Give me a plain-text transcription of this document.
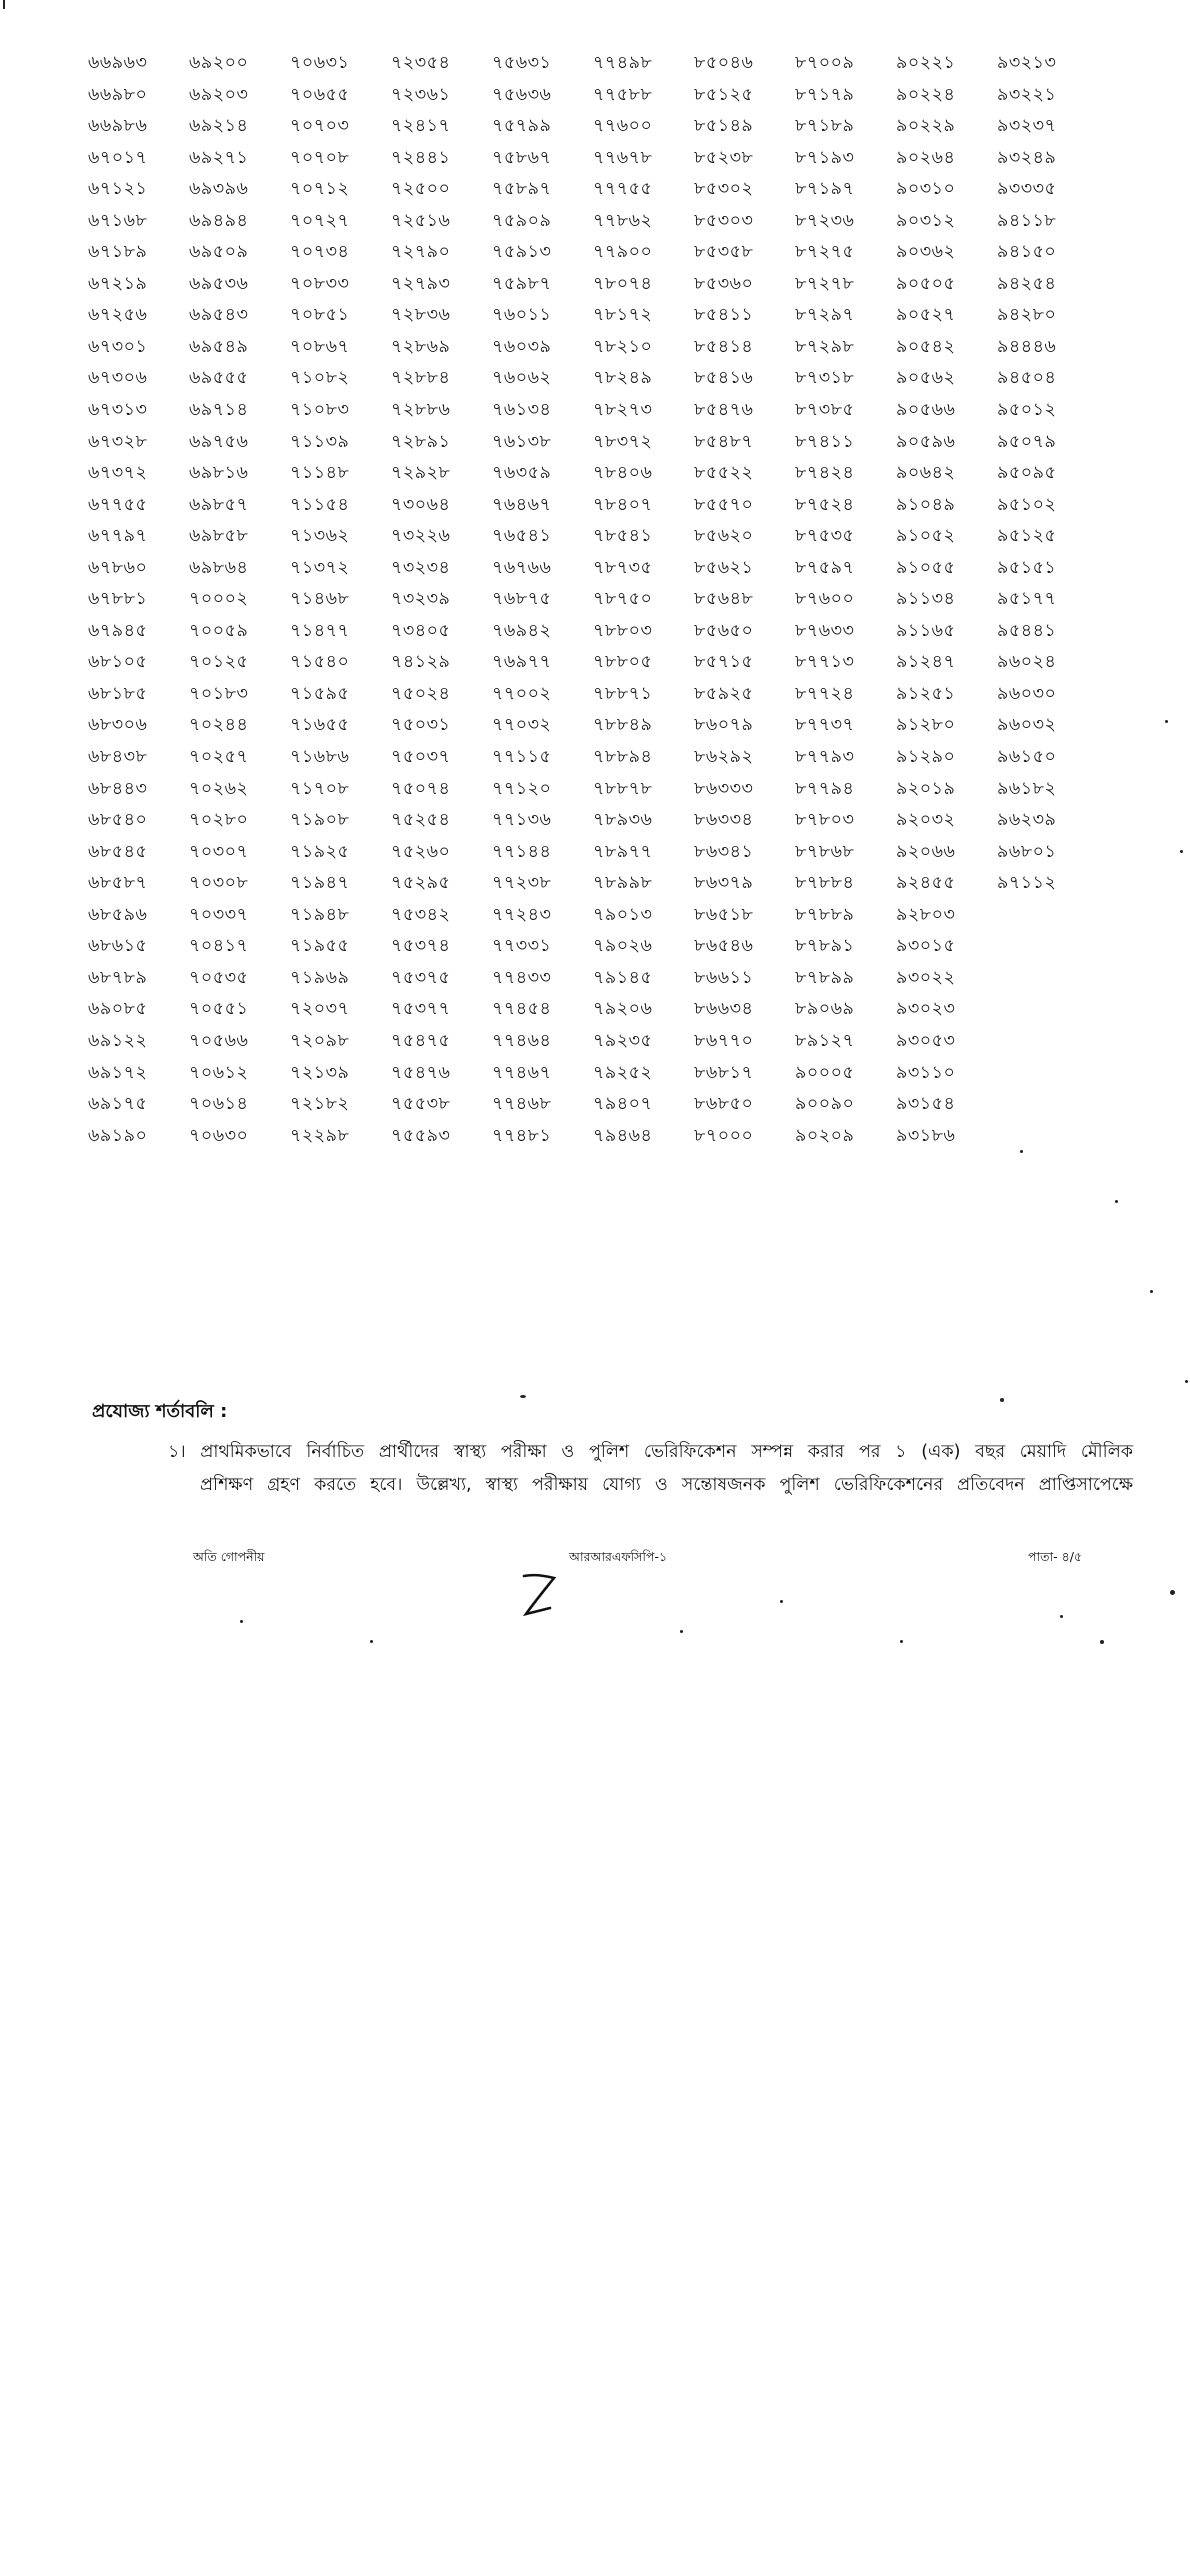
৬৬৯৬৩	৬৯২০০	৭০৬৩১	৭২৩৫৪	৭৫৬৩১	৭৭৪৯৮	৮৫০৪৬	৮৭০০৯	৯০২২১	৯৩২১৩
৬৬৯৮০	৬৯২০৩	৭০৬৫৫	৭২৩৬১	৭৫৬৩৬	৭৭৫৮৮	৮৫১২৫	৮৭১৭৯	৯০২২৪	৯৩২২১
৬৬৯৮৬	৬৯২১৪	৭০৭০৩	৭২৪১৭	৭৫৭৯৯	৭৭৬০০	৮৫১৪৯	৮৭১৮৯	৯০২২৯	৯৩২৩৭
৬৭০১৭	৬৯২৭১	৭০৭০৮	৭২৪৪১	৭৫৮৬৭	৭৭৬৭৮	৮৫২৩৮	৮৭১৯৩	৯০২৬৪	৯৩২৪৯
৬৭১২১	৬৯৩৯৬	৭০৭১২	৭২৫০০	৭৫৮৯৭	৭৭৭৫৫	৮৫৩০২	৮৭১৯৭	৯০৩১০	৯৩৩৩৫
৬৭১৬৮	৬৯৪৯৪	৭০৭২৭	৭২৫১৬	৭৫৯০৯	৭৭৮৬২	৮৫৩০৩	৮৭২৩৬	৯০৩১২	৯৪১১৮
৬৭১৮৯	৬৯৫০৯	৭০৭৩৪	৭২৭৯০	৭৫৯১৩	৭৭৯০০	৮৫৩৫৮	৮৭২৭৫	৯০৩৬২	৯৪১৫০
৬৭২১৯	৬৯৫৩৬	৭০৮৩৩	৭২৭৯৩	৭৫৯৮৭	৭৮০৭৪	৮৫৩৬০	৮৭২৭৮	৯০৫০৫	৯৪২৫৪
৬৭২৫৬	৬৯৫৪৩	৭০৮৫১	৭২৮৩৬	৭৬০১১	৭৮১৭২	৮৫৪১১	৮৭২৯৭	৯০৫২৭	৯৪২৮০
৬৭৩০১	৬৯৫৪৯	৭০৮৬৭	৭২৮৬৯	৭৬০৩৯	৭৮২১০	৮৫৪১৪	৮৭২৯৮	৯০৫৪২	৯৪৪৪৬
৬৭৩০৬	৬৯৫৫৫	৭১০৮২	৭২৮৮৪	৭৬০৬২	৭৮২৪৯	৮৫৪১৬	৮৭৩১৮	৯০৫৬২	৯৪৫০৪
৬৭৩১৩	৬৯৭১৪	৭১০৮৩	৭২৮৮৬	৭৬১৩৪	৭৮২৭৩	৮৫৪৭৬	৮৭৩৮৫	৯০৫৬৬	৯৫০১২
৬৭৩২৮	৬৯৭৫৬	৭১১৩৯	৭২৮৯১	৭৬১৩৮	৭৮৩৭২	৮৫৪৮৭	৮৭৪১১	৯০৫৯৬	৯৫০৭৯
৬৭৩৭২	৬৯৮১৬	৭১১৪৮	৭২৯২৮	৭৬৩৫৯	৭৮৪০৬	৮৫৫২২	৮৭৪২৪	৯০৬৪২	৯৫০৯৫
৬৭৭৫৫	৬৯৮৫৭	৭১১৫৪	৭৩০৬৪	৭৬৪৬৭	৭৮৪০৭	৮৫৫৭০	৮৭৫২৪	৯১০৪৯	৯৫১০২
৬৭৭৯৭	৬৯৮৫৮	৭১৩৬২	৭৩২২৬	৭৬৫৪১	৭৮৫৪১	৮৫৬২০	৮৭৫৩৫	৯১০৫২	৯৫১২৫
৬৭৮৬০	৬৯৮৬৪	৭১৩৭২	৭৩২৩৪	৭৬৭৬৬	৭৮৭৩৫	৮৫৬২১	৮৭৫৯৭	৯১০৫৫	৯৫১৫১
৬৭৮৮১	৭০০০২	৭১৪৬৮	৭৩২৩৯	৭৬৮৭৫	৭৮৭৫০	৮৫৬৪৮	৮৭৬০০	৯১১৩৪	৯৫১৭৭
৬৭৯৪৫	৭০০৫৯	৭১৪৭৭	৭৩৪০৫	৭৬৯৪২	৭৮৮০৩	৮৫৬৫০	৮৭৬৩৩	৯১১৬৫	৯৫৪৪১
৬৮১০৫	৭০১২৫	৭১৫৪০	৭৪১২৯	৭৬৯৭৭	৭৮৮০৫	৮৫৭১৫	৮৭৭১৩	৯১২৪৭	৯৬০২৪
৬৮১৮৫	৭০১৮৩	৭১৫৯৫	৭৫০২৪	৭৭০০২	৭৮৮৭১	৮৫৯২৫	৮৭৭২৪	৯১২৫১	৯৬০৩০
৬৮৩০৬	৭০২৪৪	৭১৬৫৫	৭৫০৩১	৭৭০৩২	৭৮৮৪৯	৮৬০৭৯	৮৭৭৩৭	৯১২৮০	৯৬০৩২
৬৮৪৩৮	৭০২৫৭	৭১৬৮৬	৭৫০৩৭	৭৭১১৫	৭৮৮৯৪	৮৬২৯২	৮৭৭৯৩	৯১২৯০	৯৬১৫০
৬৮৪৪৩	৭০২৬২	৭১৭০৮	৭৫০৭৪	৭৭১২০	৭৮৮৭৮	৮৬৩৩৩	৮৭৭৯৪	৯২০১৯	৯৬১৮২
৬৮৫৪০	৭০২৮০	৭১৯০৮	৭৫২৫৪	৭৭১৩৬	৭৮৯৩৬	৮৬৩৩৪	৮৭৮০৩	৯২০৩২	৯৬২৩৯
৬৮৫৪৫	৭০৩০৭	৭১৯২৫	৭৫২৬০	৭৭১৪৪	৭৮৯৭৭	৮৬৩৪১	৮৭৮৬৮	৯২০৬৬	৯৬৮০১
৬৮৫৮৭	৭০৩০৮	৭১৯৪৭	৭৫২৯৫	৭৭২৩৮	৭৮৯৯৮	৮৬৩৭৯	৮৭৮৮৪	৯২৪৫৫	৯৭১১২
৬৮৫৯৬	৭০৩৩৭	৭১৯৪৮	৭৫৩৪২	৭৭২৪৩	৭৯০১৩	৮৬৫১৮	৮৭৮৮৯	৯২৮০৩
৬৮৬১৫	৭০৪১৭	৭১৯৫৫	৭৫৩৭৪	৭৭৩৩১	৭৯০২৬	৮৬৫৪৬	৮৭৮৯১	৯৩০১৫
৬৮৭৮৯	৭০৫৩৫	৭১৯৬৯	৭৫৩৭৫	৭৭৪৩৩	৭৯১৪৫	৮৬৬১১	৮৭৮৯৯	৯৩০২২
৬৯০৮৫	৭০৫৫১	৭২০৩৭	৭৫৩৭৭	৭৭৪৫৪	৭৯২০৬	৮৬৬৩৪	৮৯০৬৯	৯৩০২৩
৬৯১২২	৭০৫৬৬	৭২০৯৮	৭৫৪৭৫	৭৭৪৬৪	৭৯২৩৫	৮৬৭৭০	৮৯১২৭	৯৩০৫৩
৬৯১৭২	৭০৬১২	৭২১৩৯	৭৫৪৭৬	৭৭৪৬৭	৭৯২৫২	৮৬৮১৭	৯০০০৫	৯৩১১০
৬৯১৭৫	৭০৬১৪	৭২১৮২	৭৫৫৩৮	৭৭৪৬৮	৭৯৪০৭	৮৬৮৫০	৯০০৯০	৯৩১৫৪
৬৯১৯০	৭০৬৩০	৭২২৯৮	৭৫৫৯৩	৭৭৪৮১	৭৯৪৬৪	৮৭০০০	৯০২০৯	৯৩১৮৬
প্রযোজ্য শর্তাবলি :
১। প্রাথমিকভাবে নির্বাচিত প্রার্থীদের স্বাস্থ্য পরীক্ষা ও পুলিশ ভেরিফিকেশন সম্পন্ন করার পর ১ (এক) বছর মেয়াদি মৌলিক
প্রশিক্ষণ গ্রহণ করতে হবে। উল্লেখ্য, স্বাস্থ্য পরীক্ষায় যোগ্য ও সন্তোষজনক পুলিশ ভেরিফিকেশনের প্রতিবেদন প্রাপ্তিসাপেক্ষে
অতি গোপনীয়	আরআরএফসিপি-১	পাতা- ৪/৫
